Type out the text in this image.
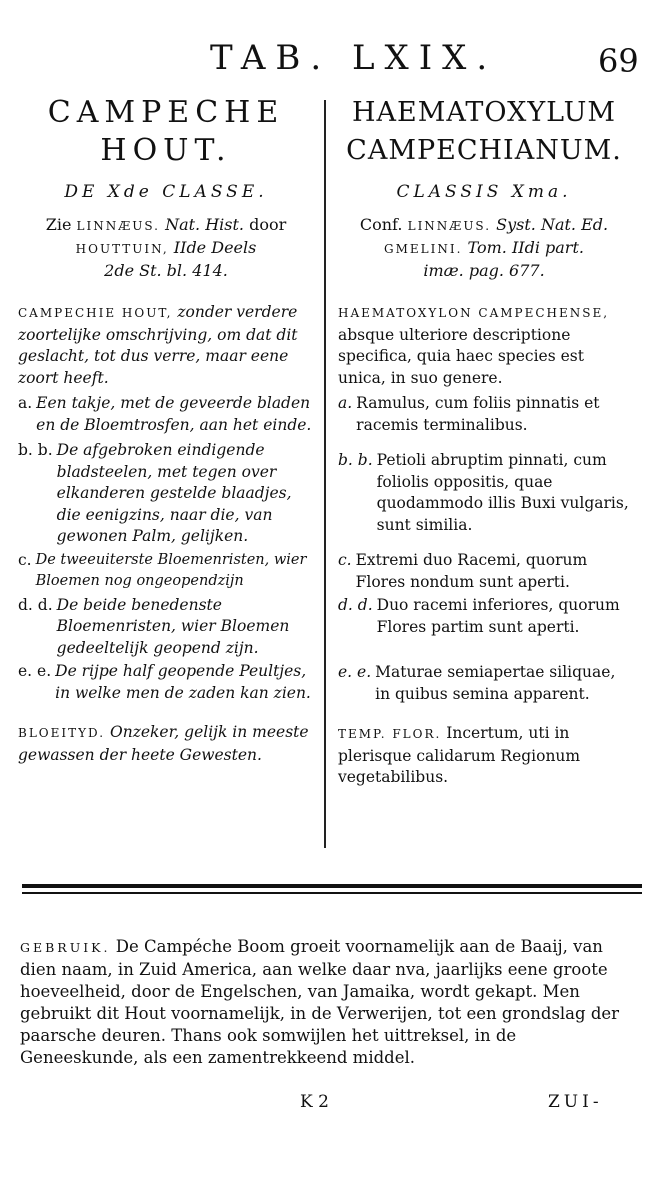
TAB. LXIX.	69
CAMPECHE
HOUT.
DE Xde CLASSE.
Zie LINNÆUS. Nat. Hist. door
HOUTTUIN, IIde Deels
2de St. bl. 414.
CAMPECHIE HOUT, zonder verdere zoortelijke omschrijving, om dat dit geslacht, tot dus verre, maar eene zoort heeft.
a. Een takje, met de geveerde bladen en de Bloemtrosfen, aan het einde.
b. b. De afgebroken eindigende bladsteelen, met tegen over elkanderen gestelde blaadjes, die eenigzins, naar die, van gewonen Palm, gelijken.
c. De tweeuiterste Bloemenristen, wier Bloemen nog ongeopendzijn
d. d. De beide benedenste Bloemenristen, wier Bloemen gedeeltelijk geopend zijn.
e. e. De rijpe half geopende Peultjes, in welke men de zaden kan zien.
BLOEITYD. Onzeker, gelijk in meeste gewassen der heete Gewesten.
HAEMATOXYLUM
CAMPECHIANUM.
CLASSIS Xma.
Conf. LINNÆUS. Syst. Nat. Ed.
GMELINI. Tom. IIdi part.
imæ. pag. 677.
HAEMATOXYLON CAMPECHENSE, absque ulteriore descriptione specifica, quia haec species est unica, in suo genere.
a. Ramulus, cum foliis pinnatis et racemis terminalibus.
b. b. Petioli abruptim pinnati, cum foliolis oppositis, quae quodammodo illis Buxi vulgaris, sunt similia.
c. Extremi duo Racemi, quorum Flores nondum sunt aperti.
d. d. Duo racemi inferiores, quorum Flores partim sunt aperti.
e. e. Maturae semiapertae siliquae, in quibus semina apparent.
TEMP. FLOR. Incertum, uti in plerisque calidarum Regionum vegetabilibus.
GEBRUIK. De Campéche Boom groeit voornamelijk aan de Baaij, van dien naam, in Zuid America, aan welke daar nva, jaarlijks eene groote hoeveelheid, door de Engelschen, van Jamaika, wordt gekapt. Men gebruikt dit Hout voornamelijk, in de Verwerijen, tot een grondslag der paarsche deuren. Thans ook somwijlen het uittreksel, in de Geneeskunde, als een zamentrekkeend middel.
K 2	ZUI-
